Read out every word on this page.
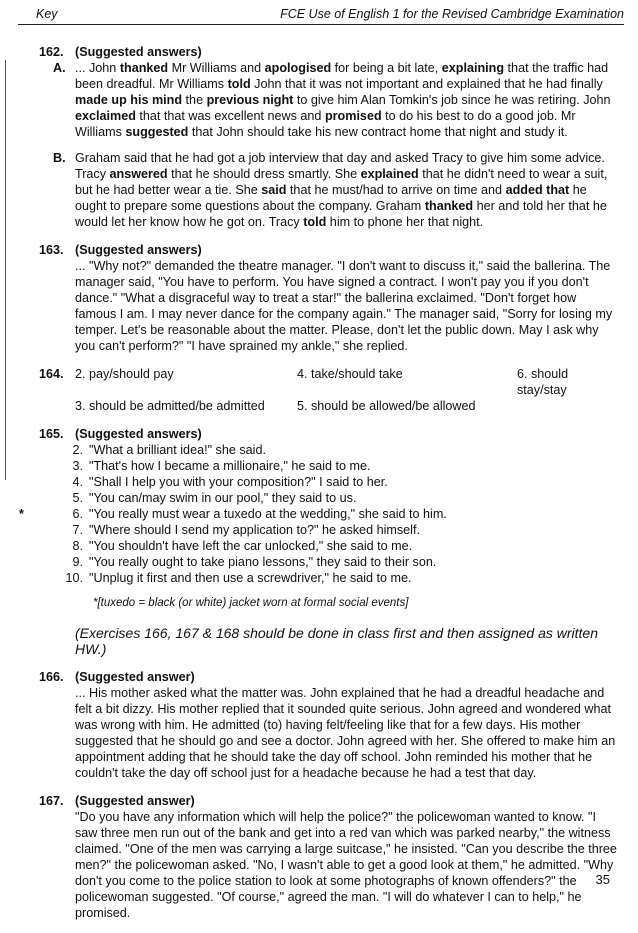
Key	FCE Use of English 1 for the Revised Cambridge Examination
162. (Suggested answers)
A. ... John thanked Mr Williams and apologised for being a bit late, explaining that the traffic had been dreadful. Mr Williams told John that it was not important and explained that he had finally made up his mind the previous night to give him Alan Tomkin's job since he was retiring. John exclaimed that that was excellent news and promised to do his best to do a good job. Mr Williams suggested that John should take his new contract home that night and study it.
B. Graham said that he had got a job interview that day and asked Tracy to give him some advice. Tracy answered that he should dress smartly. She explained that he didn't need to wear a suit, but he had better wear a tie. She said that he must/had to arrive on time and added that he ought to prepare some questions about the company. Graham thanked her and told her that he would let her know how he got on. Tracy told him to phone her that night.
163. (Suggested answers)
... "Why not?" demanded the theatre manager. "I don't want to discuss it," said the ballerina. The manager said, "You have to perform. You have signed a contract. I won't pay you if you don't dance." "What a disgraceful way to treat a star!" the ballerina exclaimed. "Don't forget how famous I am. I may never dance for the company again." The manager said, "Sorry for losing my temper. Let's be reasonable about the matter. Please, don't let the public down. May I ask why you can't perform?" "I have sprained my ankle," she replied.
164. 2. pay/should pay	4. take/should take	6. should stay/stay
3. should be admitted/be admitted	5. should be allowed/be allowed
165. (Suggested answers)
2. "What a brilliant idea!" she said.
3. "That's how I became a millionaire," he said to me.
4. "Shall I help you with your composition?" I said to her.
5. "You can/may swim in our pool," they said to us.
*	6. "You really must wear a tuxedo at the wedding," she said to him.
7. "Where should I send my application to?" he asked himself.
8. "You shouldn't have left the car unlocked," she said to me.
9. "You really ought to take piano lessons," they said to their son.
10. "Unplug it first and then use a screwdriver," he said to me.
*[tuxedo = black (or white) jacket worn at formal social events]
(Exercises 166, 167 & 168 should be done in class first and then assigned as written HW.)
166. (Suggested answer)
... His mother asked what the matter was. John explained that he had a dreadful headache and felt a bit dizzy. His mother replied that it sounded quite serious. John agreed and wondered what was wrong with him. He admitted (to) having felt/feeling like that for a few days. His mother suggested that he should go and see a doctor. John agreed with her. She offered to make him an appointment adding that he should take the day off school. John reminded his mother that he couldn't take the day off school just for a headache because he had a test that day.
167. (Suggested answer)
"Do you have any information which will help the police?" the policewoman wanted to know. "I saw three men run out of the bank and get into a red van which was parked nearby," the witness claimed. "One of the men was carrying a large suitcase," he insisted. "Can you describe the three men?" the policewoman asked. "No, I wasn't able to get a good look at them," he admitted. "Why don't you come to the police station to look at some photographs of known offenders?" the policewoman suggested. "Of course," agreed the man. "I will do whatever I can to help," he promised.
35
